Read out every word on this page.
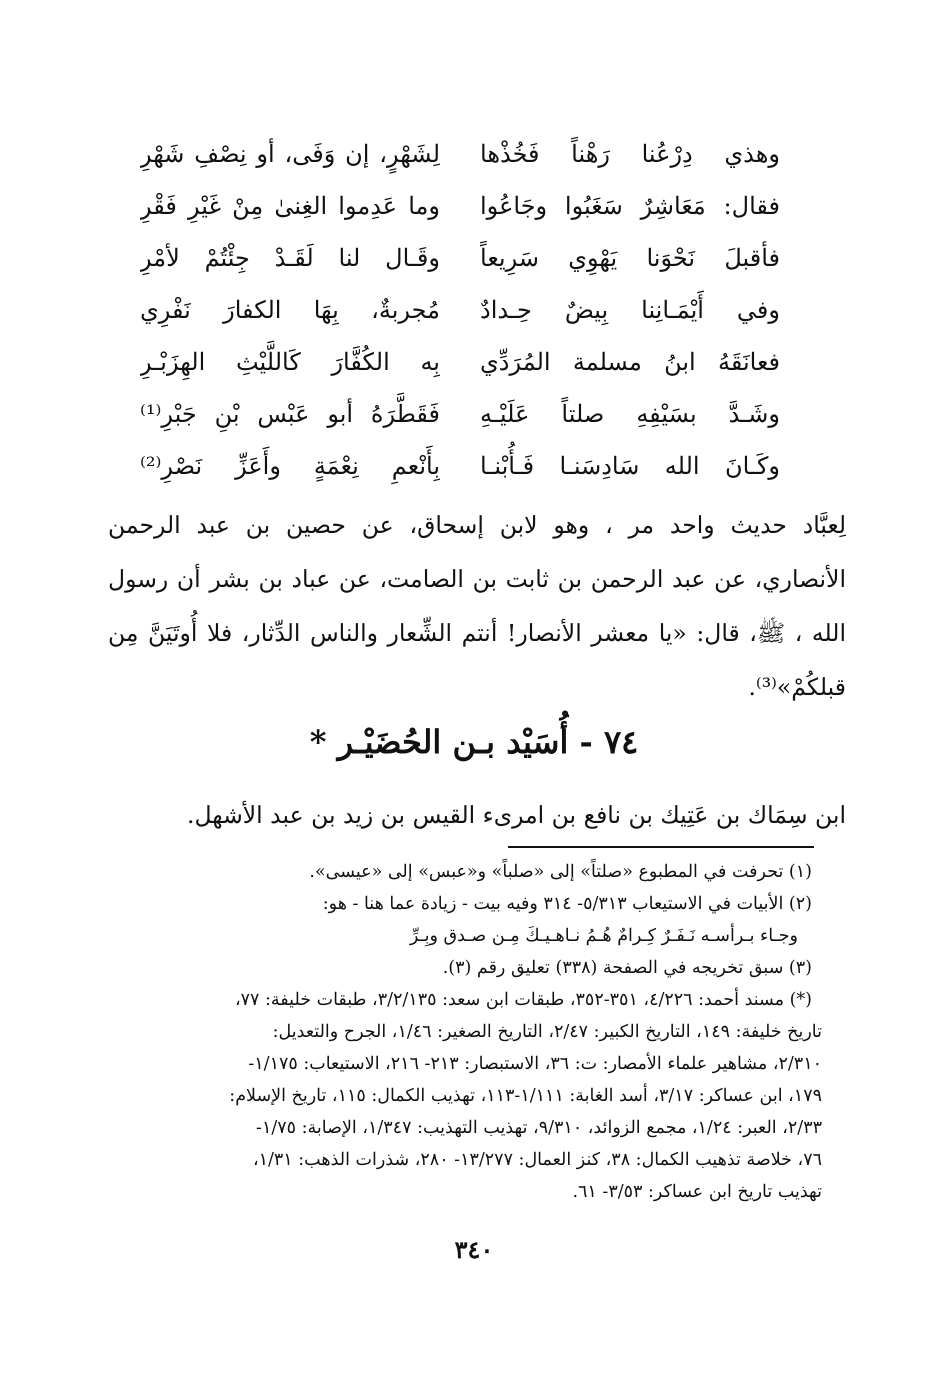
وهذي دِرْعُنا رَهْناً فَخُذْها
لِشَهْرٍ، إن وَفَى، أو نِصْفِ شَهْرِ
فقال: مَعَاشِرٌ سَغَبُوا وجَاعُوا
وما عَدِموا الغِنىٰ مِنْ غَيْرِ فَقْرِ
فأقبلَ نَحْوَنا يَهْوِي سَرِيعاً
وقَـال لنا لَقَـدْ جِئْتُمْ لأمْرِ
وفي أَيْمَـانِنا بِيضٌ حِـدادٌ
مُجربةٌ، بِهَا الكفارَ نَفْرِي
فعانَقَهُ ابنُ مسلمة المُرَدِّي
بِه الكُفَّارَ كَاللَّيْثِ الهِزَبْـرِ
وشَـدَّ بسَيْفِهِ صلتاً عَلَيْـهِ
فَقَطَّرَهُ أبو عَبْس بْنِ جَبْرِ⁽¹⁾
وكَـانَ الله سَادِسَنـا فَـأُبْنـا
بِأَنْعمِ نِعْمَةٍ وأَعَزِّ نَصْرِ⁽²⁾
لِعبَّاد حديث واحد مر ، وهو لابن إسحاق، عن حصين بن عبد الرحمن
الأنصاري، عن عبد الرحمن بن ثابت بن الصامت، عن عباد بن بشر أن رسول
الله ، ﷺ، قال: «يا معشر الأنصار! أنتم الشِّعار والناس الدِّثار، فلا أُوتَيَنَّ مِن
قبلكُمْ»⁽³⁾.
٧٤ - أُسَيْد بـن الحُضَيْـر *
ابن سِمَاك بن عَتِيك بن نافع بن امرىء القيس بن زيد بن عبد الأشهل.
(١) تحرفت في المطبوع «صلتاً» إلى «صلباً» و«عبس» إلى «عيسى».
(٢) الأبيات في الاستيعاب ٥/٣١٣- ٣١٤ وفيه بيت - زيادة عما هنا - هو:
وجـاء بـرأسـه نَـفَـرٌ كِـرامٌ هُـمُ نـاهـيـكَ مِـن صـدق وبِـرِّ
(٣) سبق تخريجه في الصفحة (٣٣٨) تعليق رقم (٣).
(*) مسند أحمد: ٤/٢٢٦، ٣٥١-٣٥٢، طبقات ابن سعد: ٣/٢/١٣٥، طبقات خليفة: ٧٧،
تاريخ خليفة: ١٤٩، التاريخ الكبير: ٢/٤٧، التاريخ الصغير: ١/٤٦، الجرح والتعديل:
٢/٣١٠، مشاهير علماء الأمصار: ت: ٣٦، الاستبصار: ٢١٣- ٢١٦، الاستيعاب: ١/١٧٥-
١٧٩، ابن عساكر: ٣/١٧، أسد الغابة: ١/١١١-١١٣، تهذيب الكمال: ١١٥، تاريخ الإسلام:
٢/٣٣، العبر: ١/٢٤، مجمع الزوائد، ٩/٣١٠، تهذيب التهذيب: ١/٣٤٧، الإصابة: ١/٧٥-
٧٦، خلاصة تذهيب الكمال: ٣٨، كنز العمال: ١٣/٢٧٧- ٢٨٠، شذرات الذهب: ١/٣١،
تهذيب تاريخ ابن عساكر: ٣/٥٣- ٦١.
٣٤٠
